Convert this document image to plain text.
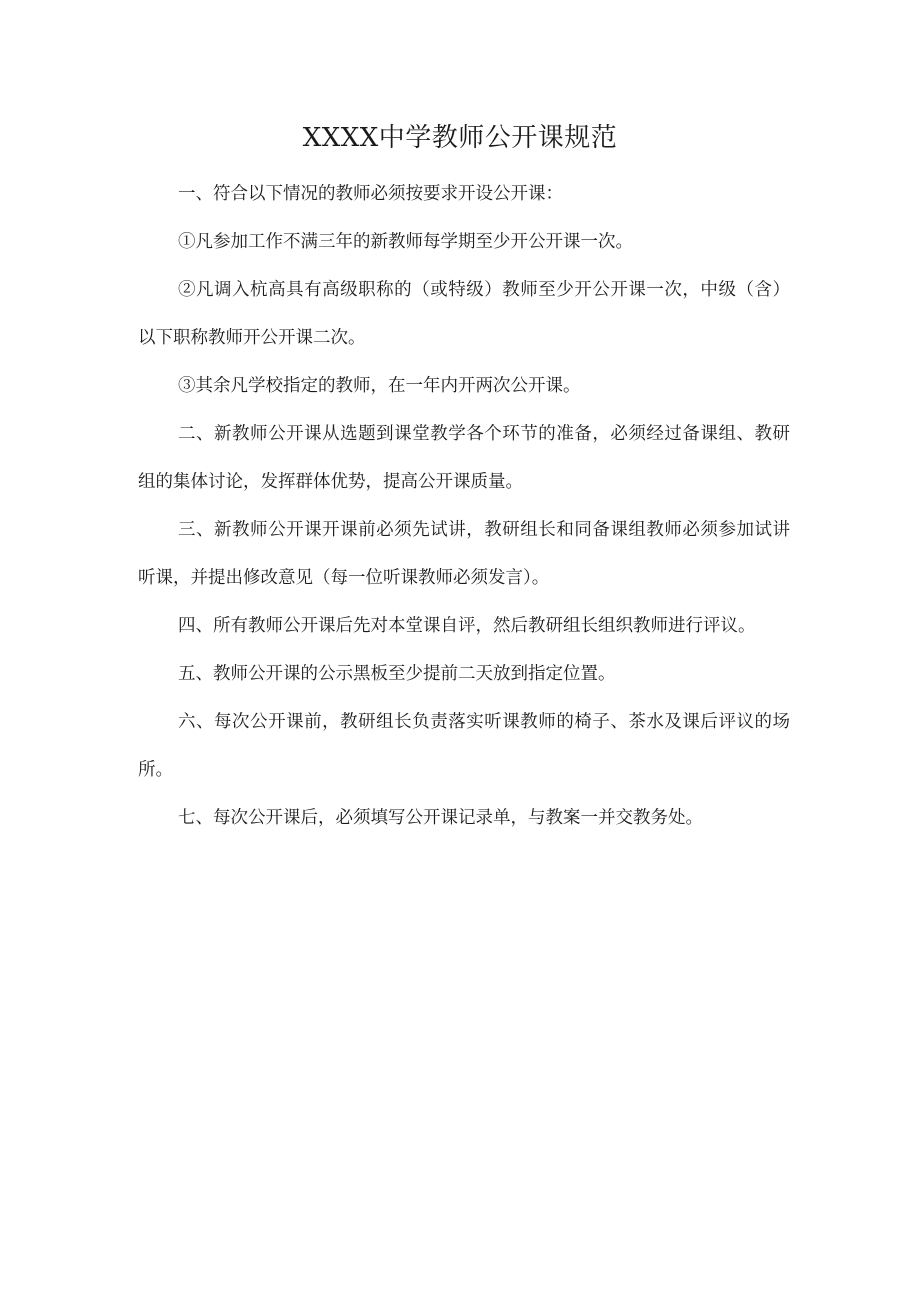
XXXX中学教师公开课规范

一、符合以下情况的教师必须按要求开设公开课：

①凡参加工作不满三年的新教师每学期至少开公开课一次。

②凡调入杭高具有高级职称的（或特级）教师至少开公开课一次，中级（含）以下职称教师开公开课二次。

③其余凡学校指定的教师，在一年内开两次公开课。

二、新教师公开课从选题到课堂教学各个环节的准备，必须经过备课组、教研组的集体讨论，发挥群体优势，提高公开课质量。

三、新教师公开课开课前必须先试讲，教研组长和同备课组教师必须参加试讲听课，并提出修改意见（每一位听课教师必须发言）。

四、所有教师公开课后先对本堂课自评，然后教研组长组织教师进行评议。

五、教师公开课的公示黑板至少提前二天放到指定位置。

六、每次公开课前，教研组长负责落实听课教师的椅子、茶水及课后评议的场所。

七、每次公开课后，必须填写公开课记录单，与教案一并交教务处。
